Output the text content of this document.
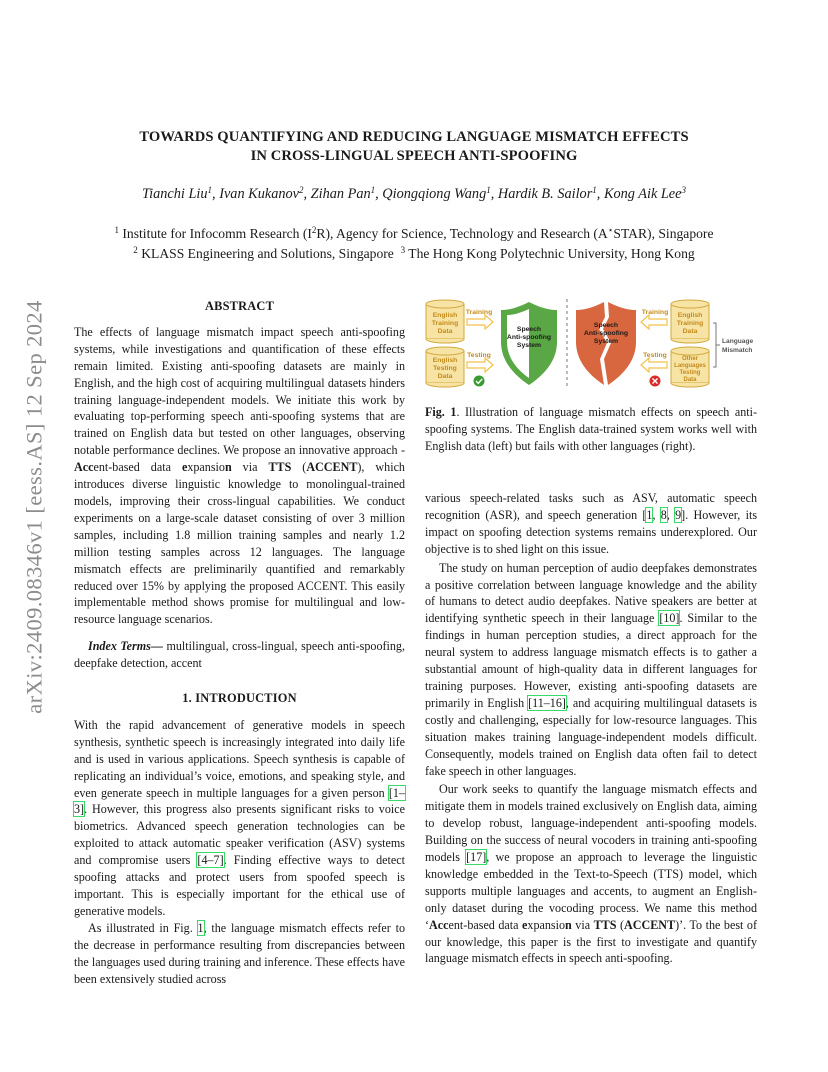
arXiv:2409.08346v1 [eess.AS] 12 Sep 2024
TOWARDS QUANTIFYING AND REDUCING LANGUAGE MISMATCH EFFECTS
IN CROSS-LINGUAL SPEECH ANTI-SPOOFING
Tianchi Liu$^1$, Ivan Kukanov$^2$, Zihan Pan$^1$, Qiongqiong Wang$^1$, Hardik B. Sailor$^1$, Kong Aik Lee$^3$
$^1$ Institute for Infocomm Research $(I^2R)$, Agency for Science, Technology and Research (A⋆STAR), Singapore
$^2$ KLASS Engineering and Solutions, Singapore $^3$ The Hong Kong Polytechnic University, Hong Kong

ABSTRACT

The effects of language mismatch impact speech anti-spoofing systems, while investigations and quantification of these effects remain limited. Existing anti-spoofing datasets are mainly in English, and the high cost of acquiring multilingual datasets hinders training language-independent models. We initiate this work by evaluating top-performing speech anti-spoofing systems that are trained on English data but tested on other languages, observing notable performance declines. We propose an innovative approach - Accent-based data expansion via TTS (ACCENT), which introduces diverse linguistic knowledge to monolingual-trained models, improving their cross-lingual capabilities. We conduct experiments on a large-scale dataset consisting of over 3 million samples, including 1.8 million training samples and nearly 1.2 million testing samples across 12 languages. The language mismatch effects are preliminarily quantified and remarkably reduced over 15% by applying the proposed ACCENT. This easily implementable method shows promise for multilingual and low-resource language scenarios.

Index Terms— multilingual, cross-lingual, speech anti-spoofing, deepfake detection, accent

1. INTRODUCTION

With the rapid advancement of generative models in speech synthesis, synthetic speech is increasingly integrated into daily life and is used in various applications. Speech synthesis is capable of replicating an individual’s voice, emotions, and speaking style, and even generate speech in multiple languages for a given person [1–3]. However, this progress also presents significant risks to voice biometrics. Advanced speech generation technologies can be exploited to attack automatic speaker verification (ASV) systems and compromise users [4–7]. Finding effective ways to detect spoofing attacks and protect users from spoofed speech is important. This is especially important for the ethical use of generative models.

As illustrated in Fig. 1, the language mismatch effects refer to the decrease in performance resulting from discrepancies between the languages used during training and inference. These effects have been extensively studied across

English
Training
Data
English
Testing
Data
Training
Testing
Speech
Anti-spoofing
System
Speech
Anti-spoofing
System
Training
Testing
English
Training
Data
Other
Languages
Testing
Data
Language
Mismatch

Fig. 1. Illustration of language mismatch effects on speech anti-spoofing systems. The English data-trained system works well with English data (left) but fails with other languages (right).

various speech-related tasks such as ASV, automatic speech recognition (ASR), and speech generation [1, 8, 9]. However, its impact on spoofing detection systems remains underexplored. Our objective is to shed light on this issue.

The study on human perception of audio deepfakes demonstrates a positive correlation between language knowledge and the ability of humans to detect audio deepfakes. Native speakers are better at identifying synthetic speech in their language [10]. Similar to the findings in human perception studies, a direct approach for the neural system to address language mismatch effects is to gather a substantial amount of high-quality data in different languages for training purposes. However, existing anti-spoofing datasets are primarily in English [11–16], and acquiring multilingual datasets is costly and challenging, especially for low-resource languages. This situation makes training language-independent models difficult. Consequently, models trained on English data often fail to detect fake speech in other languages.

Our work seeks to quantify the language mismatch effects and mitigate them in models trained exclusively on English data, aiming to develop robust, language-independent anti-spoofing models. Building on the success of neural vocoders in training anti-spoofing models [17], we propose an approach to leverage the linguistic knowledge embedded in the Text-to-Speech (TTS) model, which supports multiple languages and accents, to augment an English-only dataset during the vocoding process. We name this method ‘Accent-based data expansion via TTS (ACCENT)’. To the best of our knowledge, this paper is the first to investigate and quantify language mismatch effects in speech anti-spoofing.
